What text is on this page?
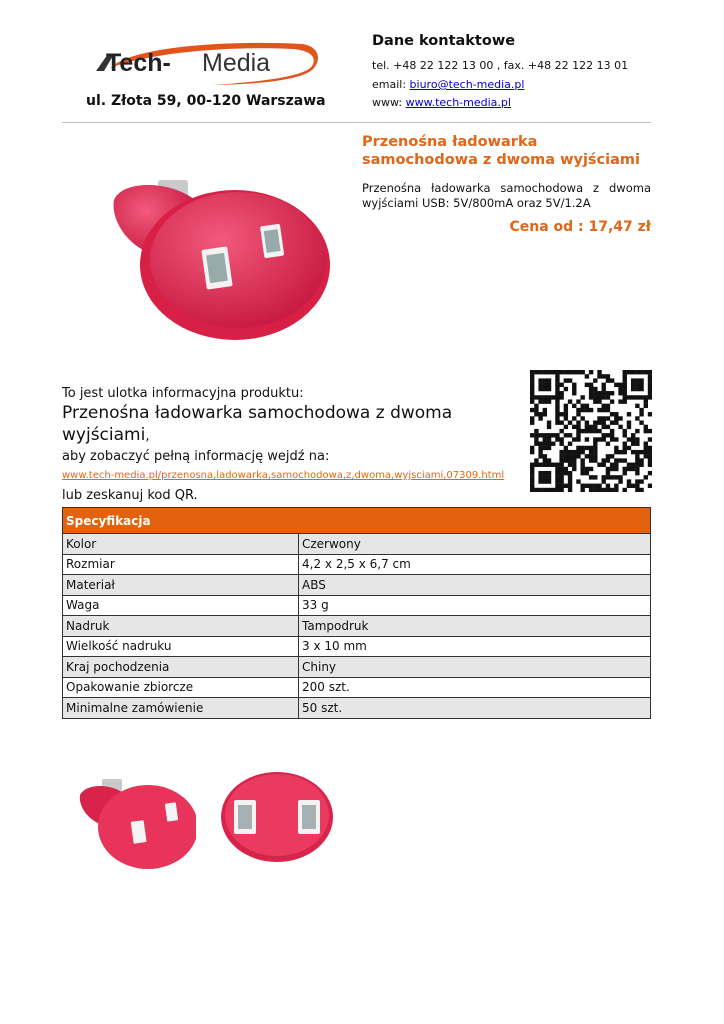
Tech- Media
ul. Złota 59, 00-120 Warszawa
Dane kontaktowe
tel. +48 22 122 13 00 , fax. +48 22 122 13 01
email: biuro@tech-media.pl
www: www.tech-media.pl
Przenośna ładowarka samochodowa z dwoma wyjściami
Przenośna ładowarka samochodowa z dwoma wyjściami USB: 5V/800mA oraz 5V/1.2A
Cena od : 17,47 zł
To jest ulotka informacyjna produktu:
Przenośna ładowarka samochodowa z dwoma wyjściami,
aby zobaczyć pełną informację wejdź na:
www.tech-media.pl/przenosna,ladowarka,samochodowa,z,dwoma,wyjsciami,07309.html
lub zeskanuj kod QR.
Specyfikacja	
Kolor	Czerwony
Rozmiar	4,2 x 2,5 x 6,7 cm
Materiał	ABS
Waga	33 g
Nadruk	Tampodruk
Wielkość nadruku	3 x 10 mm
Kraj pochodzenia	Chiny
Opakowanie zbiorcze	200 szt.
Minimalne zamówienie	50 szt.
